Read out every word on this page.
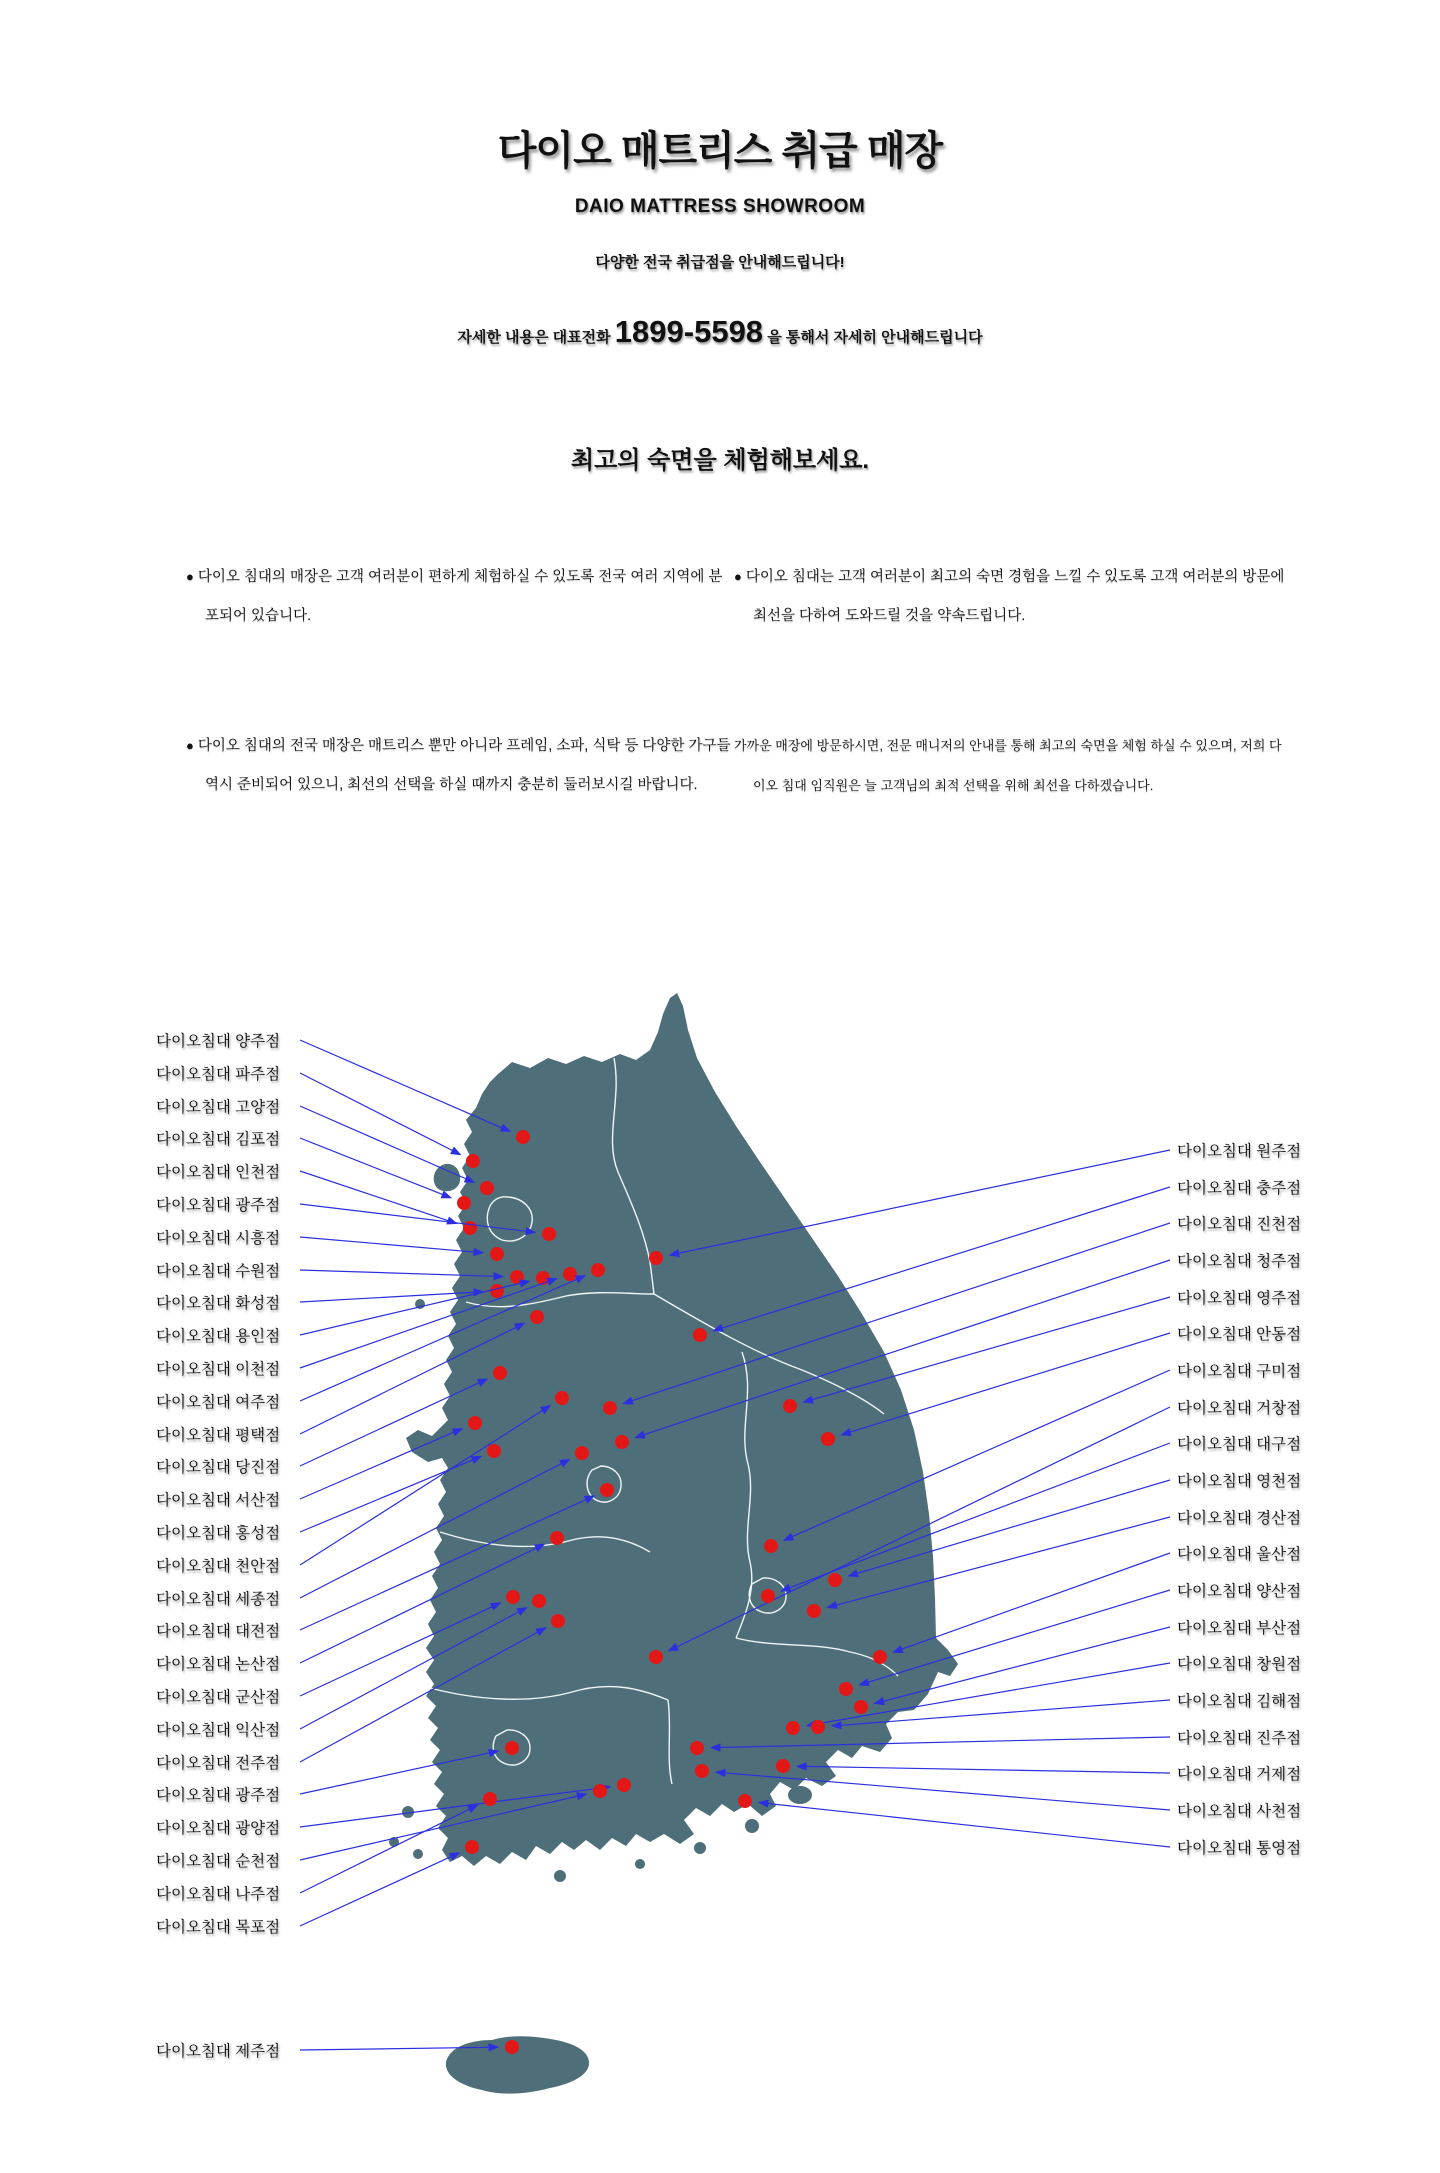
다이오 매트리스 취급 매장
DAIO MATTRESS SHOWROOM
다양한 전국 취급점을 안내해드립니다!
자세한 내용은 대표전화 1899-5598 을 통해서 자세히 안내해드립니다
최고의 숙면을 체험해보세요.
● 다이오 침대의 매장은 고객 여러분이 편하게 체험하실 수 있도록 전국 여러 지역에 분포되어 있습니다.
● 다이오 침대는 고객 여러분이 최고의 숙면 경험을 느낄 수 있도록 고객 여러분의 방문에 최선을 다하여 도와드릴 것을 약속드립니다.
● 다이오 침대의 전국 매장은 매트리스 뿐만 아니라 프레임, 소파, 식탁 등 다양한 가구들 역시 준비되어 있으니, 최선의 선택을 하실 때까지 충분히 둘러보시길 바랍니다.
가까운 매장에 방문하시면, 전문 매니저의 안내를 통해 최고의 숙면을 체험 하실 수 있으며, 저희 다이오 침대 임직원은 늘 고객님의 최적 선택을 위해 최선을 다하겠습니다.
다이오침대 양주점
다이오침대 파주점
다이오침대 고양점
다이오침대 김포점
다이오침대 인천점
다이오침대 광주점
다이오침대 시흥점
다이오침대 수원점
다이오침대 화성점
다이오침대 용인점
다이오침대 이천점
다이오침대 여주점
다이오침대 평택점
다이오침대 당진점
다이오침대 서산점
다이오침대 홍성점
다이오침대 천안점
다이오침대 세종점
다이오침대 대전점
다이오침대 논산점
다이오침대 군산점
다이오침대 익산점
다이오침대 전주점
다이오침대 광주점
다이오침대 광양점
다이오침대 순천점
다이오침대 나주점
다이오침대 목포점
다이오침대 제주점
다이오침대 원주점
다이오침대 충주점
다이오침대 진천점
다이오침대 청주점
다이오침대 영주점
다이오침대 안동점
다이오침대 구미점
다이오침대 거창점
다이오침대 대구점
다이오침대 영천점
다이오침대 경산점
다이오침대 울산점
다이오침대 양산점
다이오침대 부산점
다이오침대 창원점
다이오침대 김해점
다이오침대 진주점
다이오침대 거제점
다이오침대 사천점
다이오침대 통영점
